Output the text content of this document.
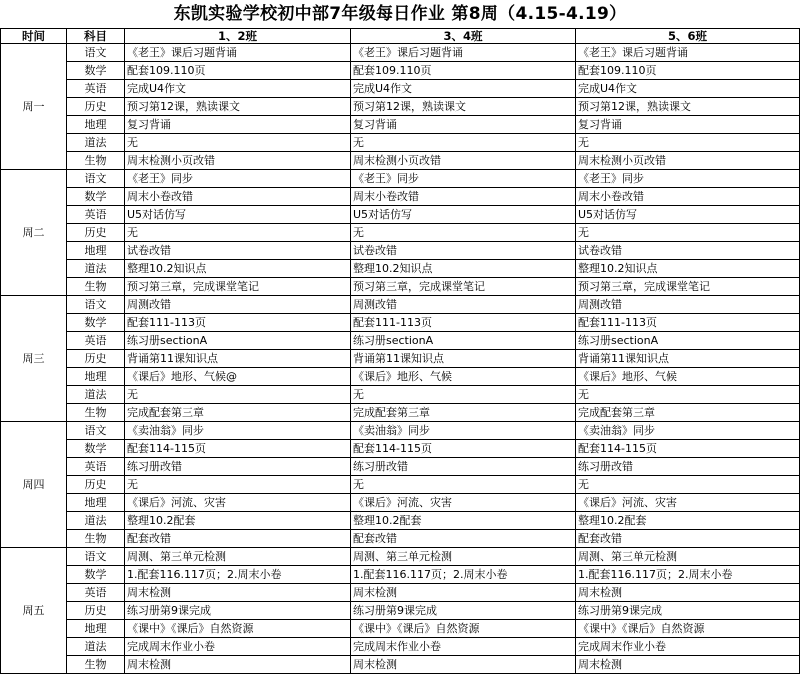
东凯实验学校初中部7年级每日作业 第8周（4.15-4.19）
时间	科目	1、2班	3、4班	5、6班
周一	语文	《老王》课后习题背诵	《老王》课后习题背诵	《老王》课后习题背诵
	数学	配套109.110页	配套109.110页	配套109.110页
	英语	完成U4作文	完成U4作文	完成U4作文
	历史	预习第12课，熟读课文	预习第12课，熟读课文	预习第12课，熟读课文
	地理	复习背诵	复习背诵	复习背诵
	道法	无	无	无
	生物	周末检测小页改错	周末检测小页改错	周末检测小页改错
周二	语文	《老王》同步	《老王》同步	《老王》同步
	数学	周末小卷改错	周末小卷改错	周末小卷改错
	英语	U5对话仿写	U5对话仿写	U5对话仿写
	历史	无	无	无
	地理	试卷改错	试卷改错	试卷改错
	道法	整理10.2知识点	整理10.2知识点	整理10.2知识点
	生物	预习第三章，完成课堂笔记	预习第三章，完成课堂笔记	预习第三章，完成课堂笔记
周三	语文	周测改错	周测改错	周测改错
	数学	配套111-113页	配套111-113页	配套111-113页
	英语	练习册sectionA	练习册sectionA	练习册sectionA
	历史	背诵第11课知识点	背诵第11课知识点	背诵第11课知识点
	地理	《课后》地形、气候@	《课后》地形、气候	《课后》地形、气候
	道法	无	无	无
	生物	完成配套第三章	完成配套第三章	完成配套第三章
周四	语文	《卖油翁》同步	《卖油翁》同步	《卖油翁》同步
	数学	配套114-115页	配套114-115页	配套114-115页
	英语	练习册改错	练习册改错	练习册改错
	历史	无	无	无
	地理	《课后》河流、灾害	《课后》河流、灾害	《课后》河流、灾害
	道法	整理10.2配套	整理10.2配套	整理10.2配套
	生物	配套改错	配套改错	配套改错
周五	语文	周测、第三单元检测	周测、第三单元检测	周测、第三单元检测
	数学	1.配套116.117页；2.周末小卷	1.配套116.117页；2.周末小卷	1.配套116.117页；2.周末小卷
	英语	周末检测	周末检测	周末检测
	历史	练习册第9课完成	练习册第9课完成	练习册第9课完成
	地理	《课中》《课后》自然资源	《课中》《课后》自然资源	《课中》《课后》自然资源
	道法	完成周末作业小卷	完成周末作业小卷	完成周末作业小卷
	生物	周末检测	周末检测	周末检测
